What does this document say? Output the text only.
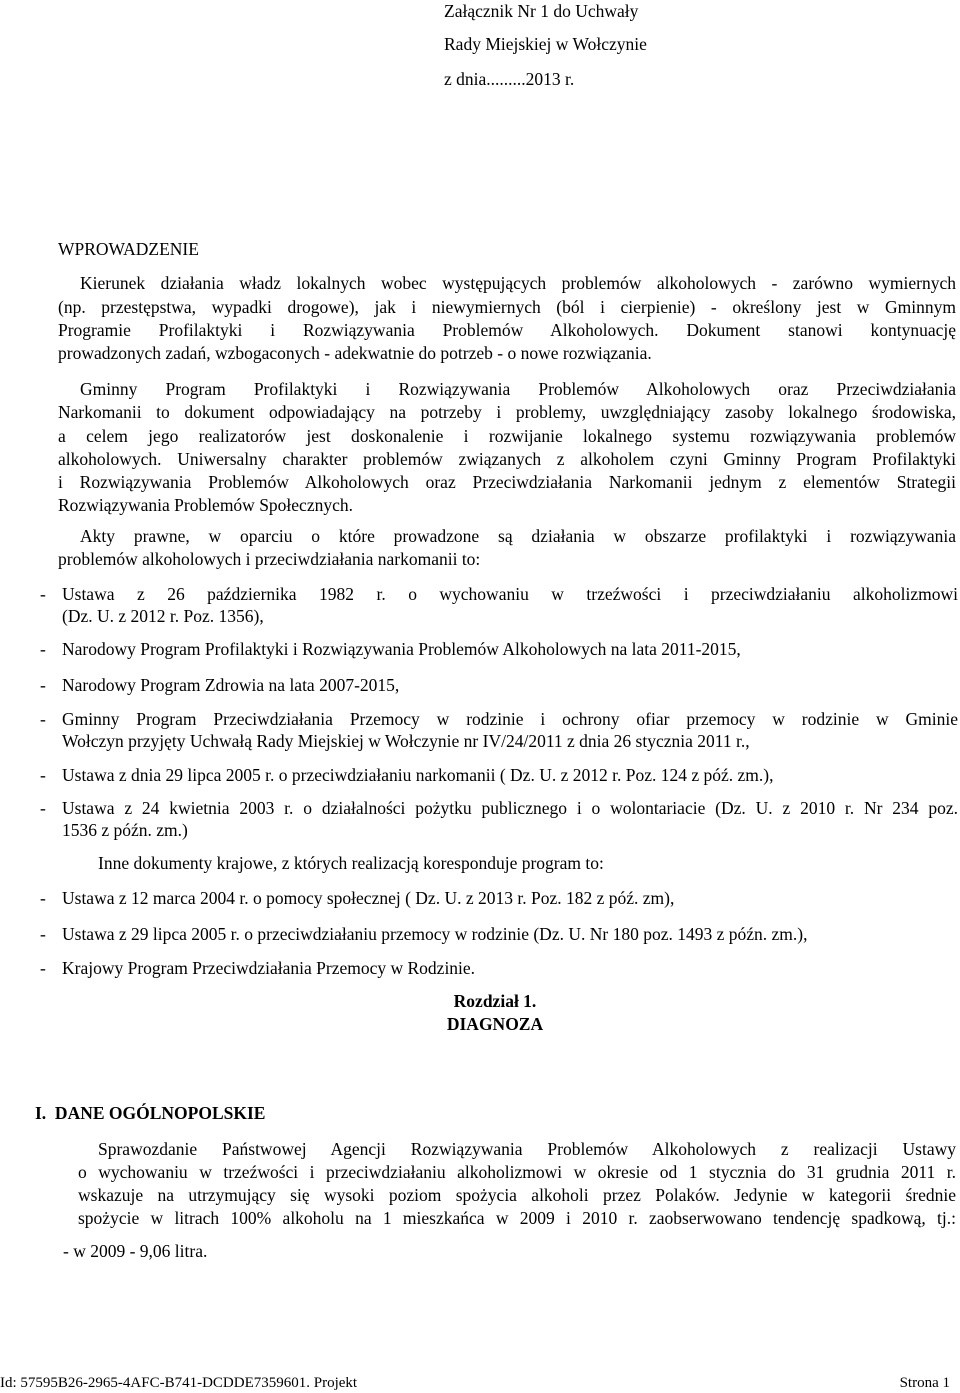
Załącznik Nr 1 do Uchwały
Rady Miejskiej w Wołczynie
z dnia.........2013 r.
WPROWADZENIE
Kierunek działania władz lokalnych wobec występujących problemów alkoholowych - zarówno wymiernych
(np. przestępstwa, wypadki drogowe), jak i niewymiernych (ból i cierpienie) - określony jest w Gminnym
Programie Profilaktyki i Rozwiązywania Problemów Alkoholowych. Dokument stanowi kontynuację
prowadzonych zadań, wzbogaconych - adekwatnie do potrzeb - o nowe rozwiązania.
Gminny Program Profilaktyki i Rozwiązywania Problemów Alkoholowych oraz Przeciwdziałania
Narkomanii to dokument odpowiadający na potrzeby i problemy, uwzględniający zasoby lokalnego środowiska,
a celem jego realizatorów jest doskonalenie i rozwijanie lokalnego systemu rozwiązywania problemów
alkoholowych. Uniwersalny charakter problemów związanych z alkoholem czyni Gminny Program Profilaktyki
i Rozwiązywania Problemów Alkoholowych oraz Przeciwdziałania Narkomanii jednym z elementów Strategii
Rozwiązywania Problemów Społecznych.
Akty prawne, w oparciu o które prowadzone są działania w obszarze profilaktyki i rozwiązywania
problemów alkoholowych i przeciwdziałania narkomanii to:
- Ustawa z 26 października 1982 r. o wychowaniu w trzeźwości i przeciwdziałaniu alkoholizmowi
(Dz. U. z 2012 r. Poz. 1356),
- Narodowy Program Profilaktyki i Rozwiązywania Problemów Alkoholowych na lata 2011-2015,
- Narodowy Program Zdrowia na lata 2007-2015,
- Gminny Program Przeciwdziałania Przemocy w rodzinie i ochrony ofiar przemocy w rodzinie w Gminie
Wołczyn przyjęty Uchwałą Rady Miejskiej w Wołczynie nr IV/24/2011 z dnia 26 stycznia 2011 r.,
- Ustawa z dnia 29 lipca 2005 r. o przeciwdziałaniu narkomanii ( Dz. U. z 2012 r. Poz. 124 z póź. zm.),
- Ustawa z 24 kwietnia 2003 r. o działalności pożytku publicznego i o wolontariacie (Dz. U. z 2010 r. Nr 234 poz.
1536 z późn. zm.)
Inne dokumenty krajowe, z których realizacją koresponduje program to:
- Ustawa z 12 marca 2004 r. o pomocy społecznej ( Dz. U. z 2013 r. Poz. 182 z póź. zm),
- Ustawa z 29 lipca 2005 r. o przeciwdziałaniu przemocy w rodzinie (Dz. U. Nr 180 poz. 1493 z późn. zm.),
- Krajowy Program Przeciwdziałania Przemocy w Rodzinie.
Rozdział 1.
DIAGNOZA
I.  DANE OGÓLNOPOLSKIE
Sprawozdanie Państwowej Agencji Rozwiązywania Problemów Alkoholowych z realizacji Ustawy
o wychowaniu w trzeźwości i przeciwdziałaniu alkoholizmowi w okresie od 1 stycznia do 31 grudnia 2011 r.
wskazuje na utrzymujący się wysoki poziom spożycia alkoholi przez Polaków. Jedynie w kategorii średnie
spożycie w litrach 100% alkoholu na 1 mieszkańca w 2009 i 2010 r. zaobserwowano tendencję spadkową, tj.:
- w 2009 - 9,06 litra.
Id: 57595B26-2965-4AFC-B741-DCDDE7359601. Projekt	Strona 1
